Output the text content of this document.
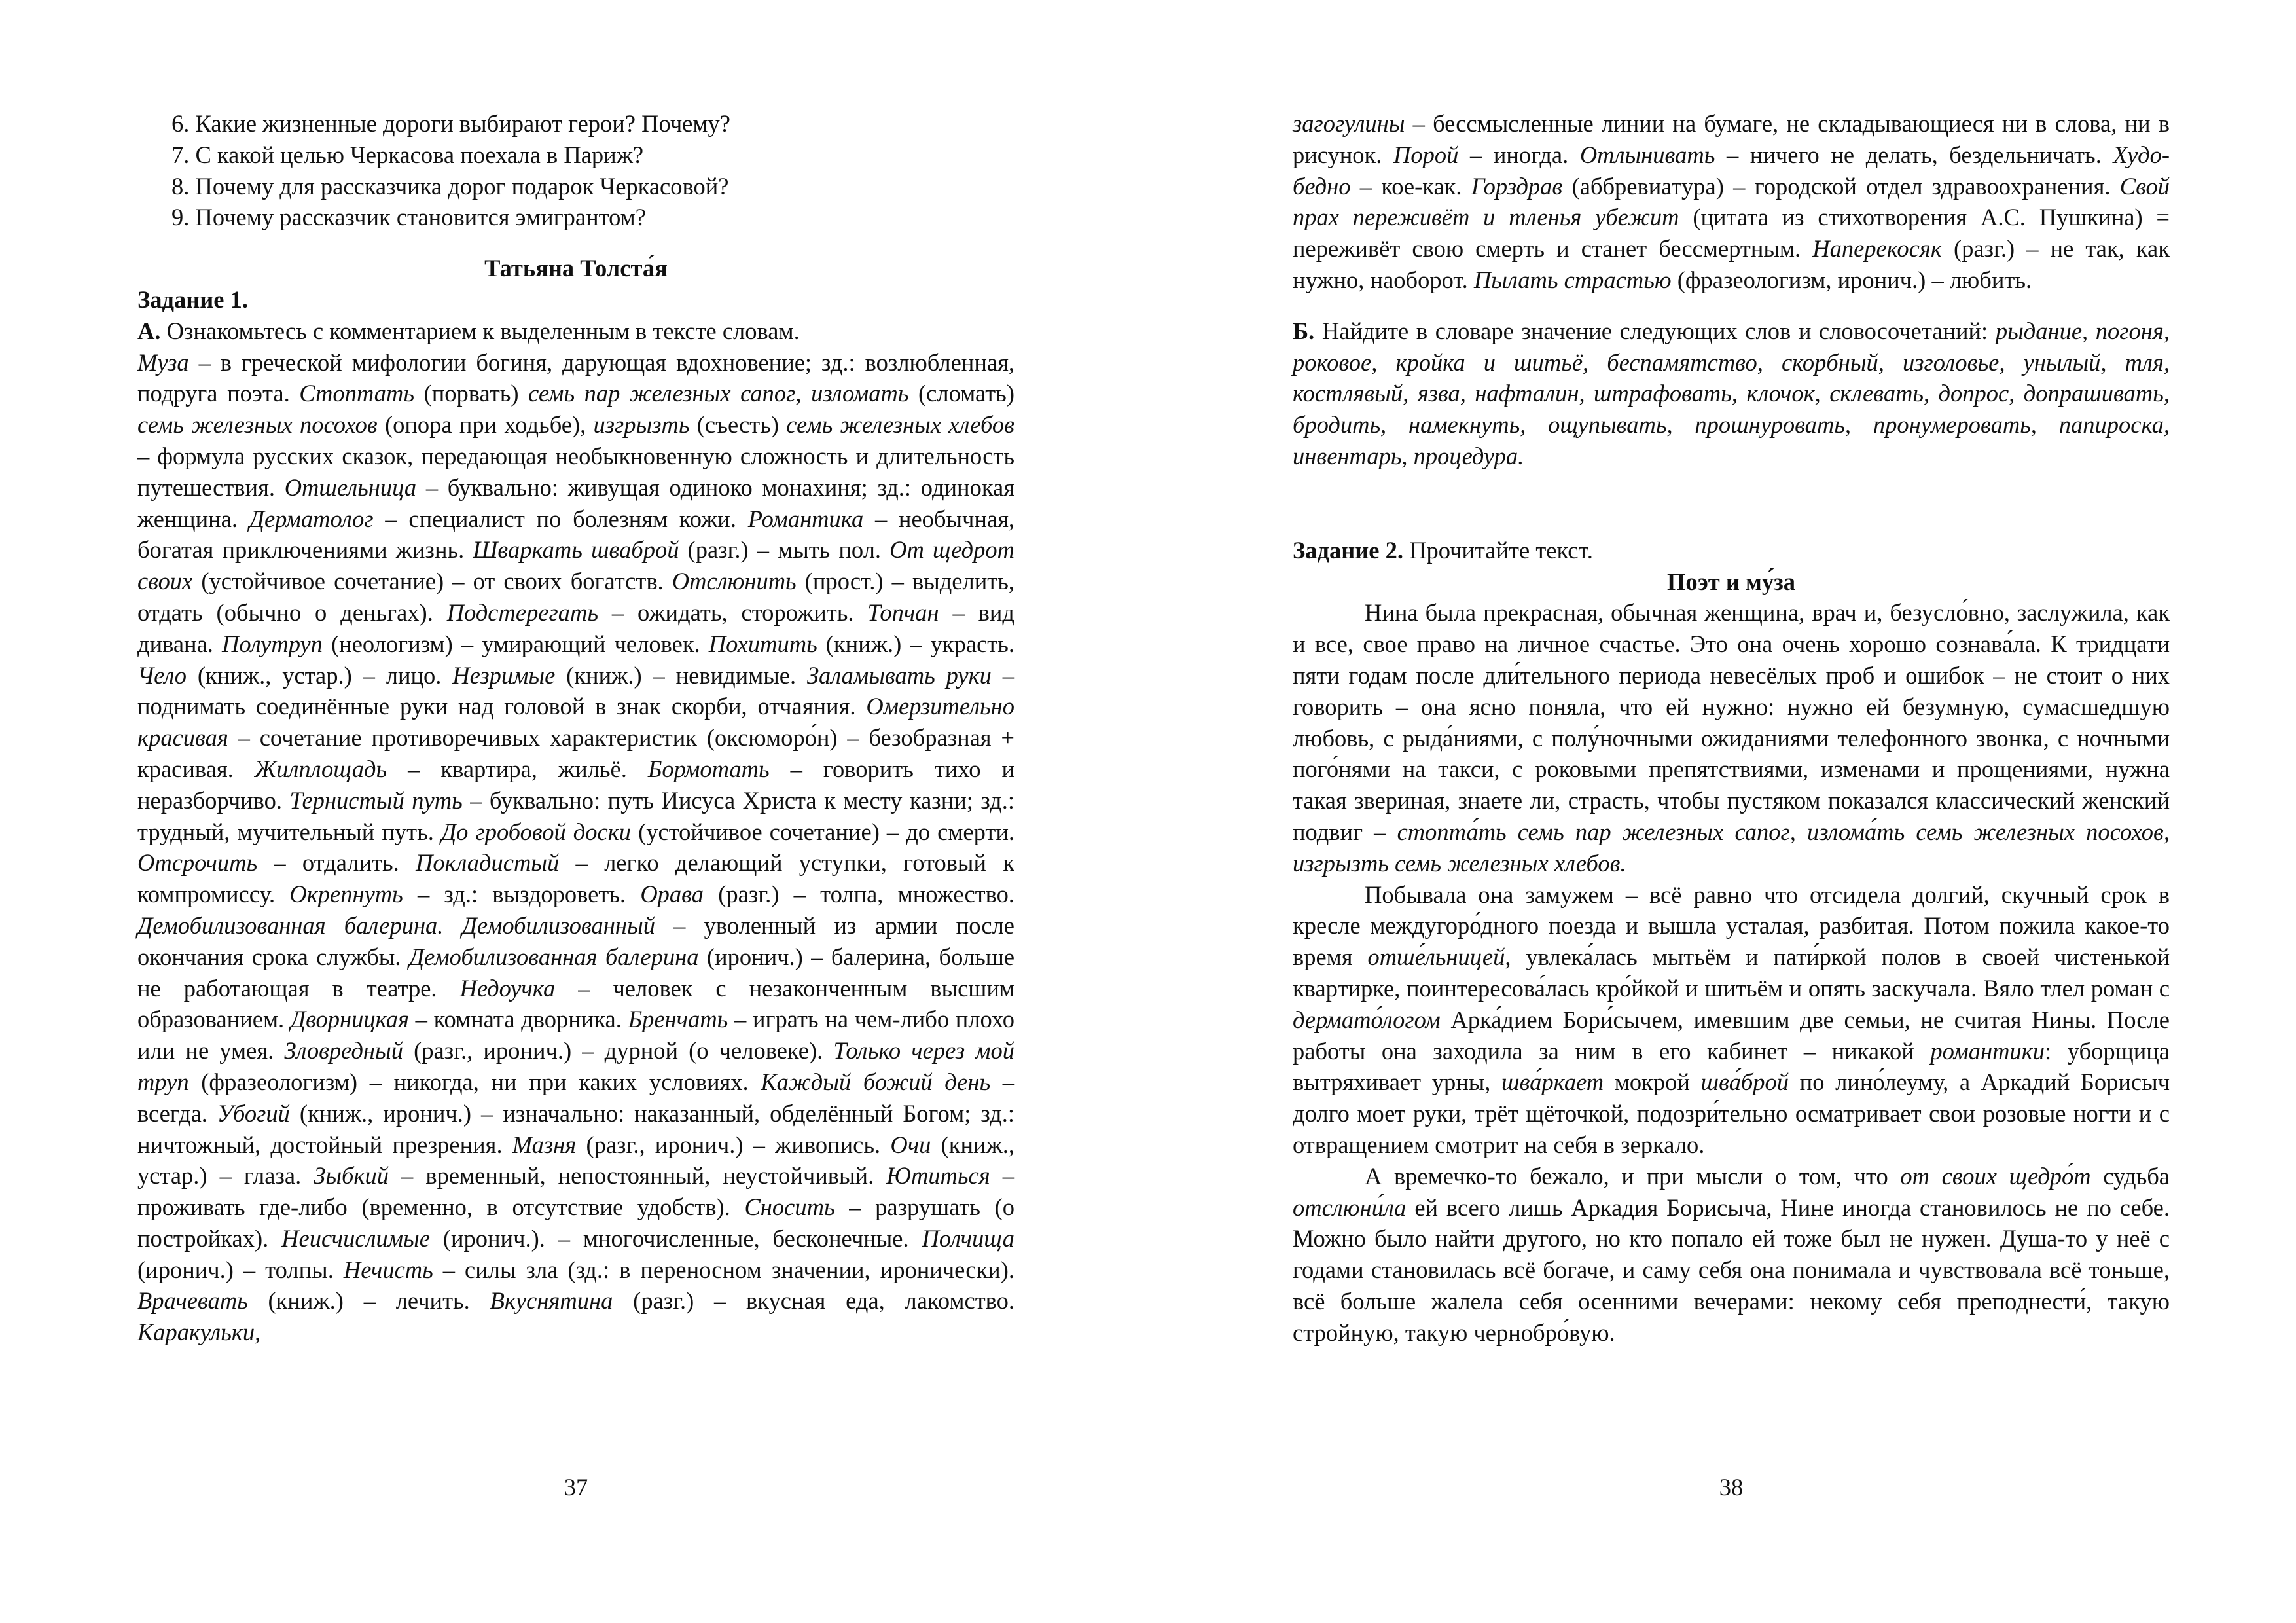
6. Какие жизненные дороги выбирают герои? Почему?

7. С какой целью Черкасова поехала в Париж?

8. Почему для рассказчика дорог подарок Черкасовой?

9. Почему рассказчик становится эмигрантом?

Татьяна Толста́я

Задание 1.

А. Ознакомьтесь с комментарием к выделенным в тексте словам.

Муза – в греческой мифологии богиня, дарующая вдохновение; зд.: возлюбленная, подруга поэта. Стоптать (порвать) семь пар железных сапог, изломать (сломать) семь железных посохов (опора при ходьбе), изгрызть (съесть) семь железных хлебов – формула русских сказок, передающая необыкновенную сложность и длительность путешествия. Отшельница – буквально: живущая одиноко монахиня; зд.: одинокая женщина. Дерматолог – специалист по болезням кожи. Романтика – необычная, богатая приключениями жизнь. Шваркать шваброй (разг.) – мыть пол. От щедрот своих (устойчивое сочетание) – от своих богатств. Отслюнить (прост.) – выделить, отдать (обычно о деньгах). Подстерегать – ожидать, сторожить. Топчан – вид дивана. Полутруп (неологизм) – умирающий человек. Похитить (книж.) – украсть. Чело (книж., устар.) – лицо. Незримые (книж.) – невидимые. Заламывать руки – поднимать соединённые руки над головой в знак скорби, отчаяния. Омерзительно красивая – сочетание противоречивых характеристик (оксюморо́н) – безобразная + красивая. Жилплощадь – квартира, жильё. Бормотать – говорить тихо и неразборчиво. Тернистый путь – буквально: путь Иисуса Христа к месту казни; зд.: трудный, мучительный путь. До гробовой доски (устойчивое сочетание) – до смерти. Отсрочить – отдалить. Покладистый – легко делающий уступки, готовый к компромиссу. Окрепнуть – зд.: выздороветь. Орава (разг.) – толпа, множество. Демобилизованная балерина. Демобилизованный – уволенный из армии после окончания срока службы. Демобилизованная балерина (иронич.) – балерина, больше не работающая в театре. Недоучка – человек с незаконченным высшим образованием. Дворницкая – комната дворника. Бренчать – играть на чем-либо плохо или не умея. Зловредный (разг., иронич.) – дурной (о человеке). Только через мой труп (фразеологизм) – никогда, ни при каких условиях. Каждый божий день – всегда. Убогий (книж., иронич.) – изначально: наказанный, обделённый Богом; зд.: ничтожный, достойный презрения. Мазня (разг., иронич.) – живопись. Очи (книж., устар.) – глаза. Зыбкий – временный, непостоянный, неустойчивый. Ютиться – проживать где-либо (временно, в отсутствие удобств). Сносить – разрушать (о постройках). Неисчислимые (иронич.). – многочисленные, бесконечные. Полчища (иронич.) – толпы. Нечисть – силы зла (зд.: в переносном значении, иронически). Врачевать (книж.) – лечить. Вкуснятина (разг.) – вкусная еда, лакомство. Каракульки,

37

загогулины – бессмысленные линии на бумаге, не складывающиеся ни в слова, ни в рисунок. Порой – иногда. Отлынивать – ничего не делать, бездельничать. Худо-бедно – кое-как. Горздрав (аббревиатура) – городской отдел здравоохранения. Свой прах переживёт и тленья убежит (цитата из стихотворения А.С. Пушкина) = переживёт свою смерть и станет бессмертным. Наперекосяк (разг.) – не так, как нужно, наоборот. Пылать страстью (фразеологизм, иронич.) – любить.

Б. Найдите в словаре значение следующих слов и словосочетаний: рыдание, погоня, роковое, кройка и шитьё, беспамятство, скорбный, изголовье, унылый, тля, костлявый, язва, нафталин, штрафовать, клочок, склевать, допрос, допрашивать, бродить, намекнуть, ощупывать, прошнуровать, пронумеровать, папироска, инвентарь, процедура.

Задание 2. Прочитайте текст.

Поэт и му́за

Нина была прекрасная, обычная женщина, врач и, безусло́вно, заслужила, как и все, свое право на личное счастье. Это она очень хорошо сознава́ла. К тридцати пяти годам после дли́тельного периода невесёлых проб и ошибок – не стоит о них говорить – она ясно поняла, что ей нужно: нужно ей безумную, сумасшедшую любовь, с рыда́ниями, с полу́ночными ожиданиями телефонного звонка, с ночными пого́нями на такси, с роковыми препятствиями, изменами и прощениями, нужна такая звериная, знаете ли, страсть, чтобы пустяком показался классический женский подвиг – стопта́ть семь пар железных сапог, излома́ть семь железных посохов, изгрызть семь железных хлебов.

Побывала она замужем – всё равно что отсидела долгий, скучный срок в кресле междугоро́дного поезда и вышла усталая, разбитая. Потом пожила какое-то время отше́льницей, увлека́лась мытьём и пати́ркой полов в своей чистенькой квартирке, поинтересова́лась кро́йкой и шитьём и опять заскучала. Вяло тлел роман с дермато́логом Арка́дием Бори́сычем, имевшим две семьи, не считая Нины. После работы она заходила за ним в его кабинет – никакой романтики: уборщица вытряхивает урны, шва́ркает мокрой шва́брой по лино́леуму, а Аркадий Борисыч долго моет руки, трёт щёточкой, подозри́тельно осматривает свои розовые ногти и с отвращением смотрит на себя в зеркало.

А времечко-то бежало, и при мысли о том, что от своих щедро́т судьба отслюни́ла ей всего лишь Аркадия Борисыча, Нине иногда становилось не по себе. Можно было найти другого, но кто попало ей тоже был не нужен. Душа-то у неё с годами становилась всё богаче, и саму себя она понимала и чувствовала всё тоньше, всё больше жалела себя осенними вечерами: некому себя преподнести́, такую стройную, такую чернобро́вую.

38
